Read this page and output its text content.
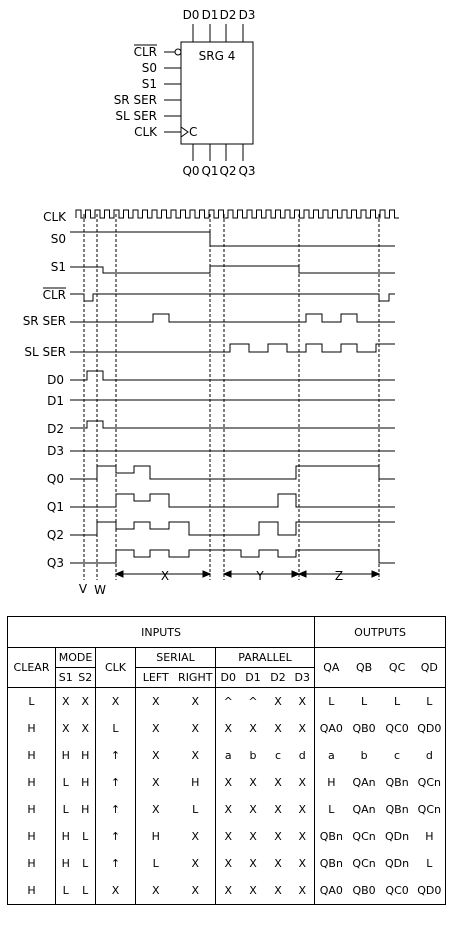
SRG 4
D0 D1 D2 D3
C
CLR
S0
S1
SR SER
SL SER
CLK
Q0 Q1 Q2 Q3
CLK
S0
S1
CLR
SR SER
SL SER
D0
D1
D2
D3
Q0
Q1
Q2
Q3
X	Y	Z
V W
INPUTS										OUTPUTS			
CLEAR	MODE		CLK	SERIAL		PARALLEL				QA	QB	QC	QD
	S1	S2		LEFT	RIGHT	D0	D1	D2	D3				
L	X	X	X	X	X	^	^	X	X	L	L	L	L
H	X	X	L	X	X	X	X	X	X	QA0	QB0	QC0	QD0
H	H	H	↑	X	X	a	b	c	d	a	b	c	d
H	L	H	↑	X	H	X	X	X	X	H	QAn	QBn	QCn
H	L	H	↑	X	L	X	X	X	X	L	QAn	QBn	QCn
H	H	L	↑	H	X	X	X	X	X	QBn	QCn	QDn	H
H	H	L	↑	L	X	X	X	X	X	QBn	QCn	QDn	L
H	L	L	X	X	X	X	X	X	X	QA0	QB0	QC0	QD0
